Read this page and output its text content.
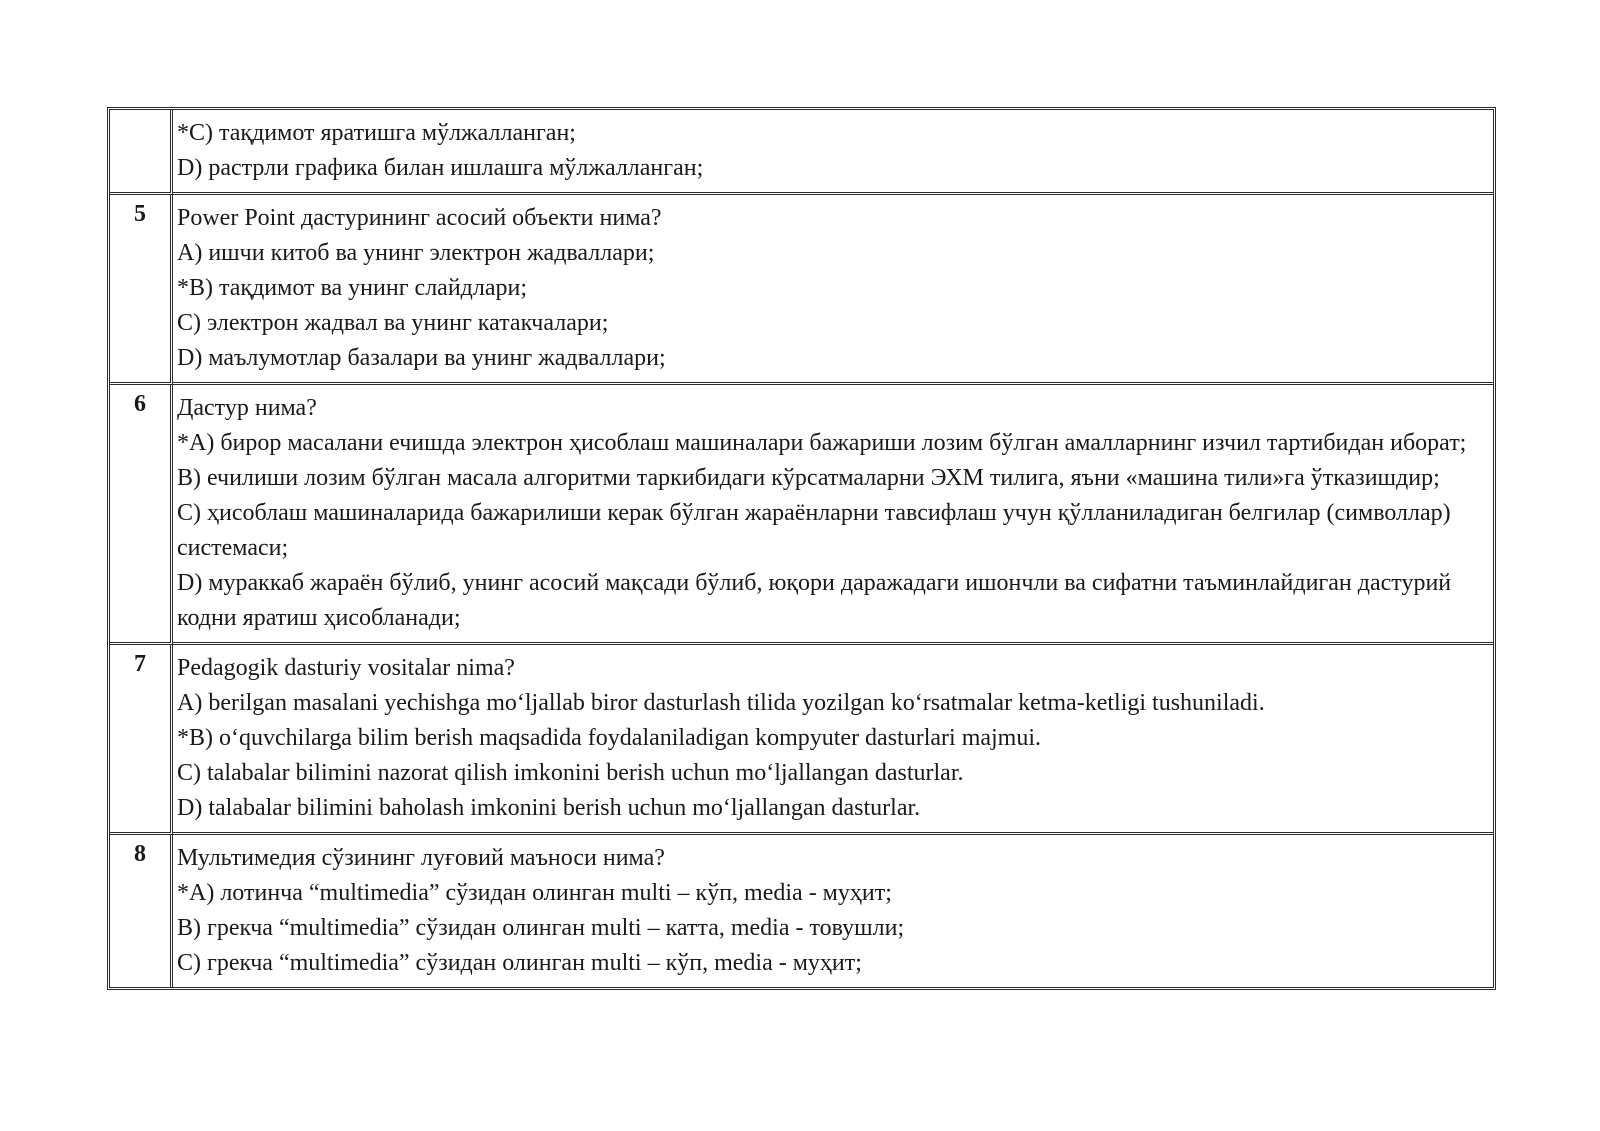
	*C) тақдимот яратишга мўлжалланган;
D) растрли графика билан ишлашга мўлжалланган;

5	Power Point дастурининг асосий объекти нима?
A) ишчи китоб ва унинг электрон жадваллари;
*B) тақдимот ва унинг слайдлари;
C) электрон жадвал ва унинг катакчалари;
D) маълумотлар базалари ва унинг жадваллари;

6	Дастур нима?
*A) бирор масалани ечишда электрон ҳисоблаш машиналари бажариши лозим бўлган амалларнинг изчил тартибидан иборат;
B) ечилиши лозим бўлган масала алгоритми таркибидаги кўрсатмаларни ЭХМ тилига, яъни «машина тили»га ўтказишдир;
C) ҳисоблаш машиналарида бажарилиши керак бўлган жараёнларни тавсифлаш учун қўлланиладиган белгилар (символлар) системаси;
D) мураккаб жараён бўлиб, унинг асосий мақсади бўлиб, юқори даражадаги ишончли ва сифатни таъминлайдиган дастурий кодни яратиш ҳисобланади;

7	Pedagogik dasturiy vositalar nima?
A) berilgan masalani yechishga moʻljallab biror dasturlash tilida yozilgan koʻrsatmalar ketma-ketligi tushuniladi.
*B) oʻquvchilarga bilim berish maqsadida foydalaniladigan kompyuter dasturlari majmui.
C) talabalar bilimini nazorat qilish imkonini berish uchun moʻljallangan dasturlar.
D) talabalar bilimini baholash imkonini berish uchun moʻljallangan dasturlar.

8	Мультимедия сўзининг луғовий маъноси нима?
*A) лотинча “multimedia” сўзидан олинган multi – кўп, media - муҳит;
B) грекча “multimedia” сўзидан олинган multi – катта, media - товушли;
C) грекча “multimedia” сўзидан олинган multi – кўп, media - муҳит;
